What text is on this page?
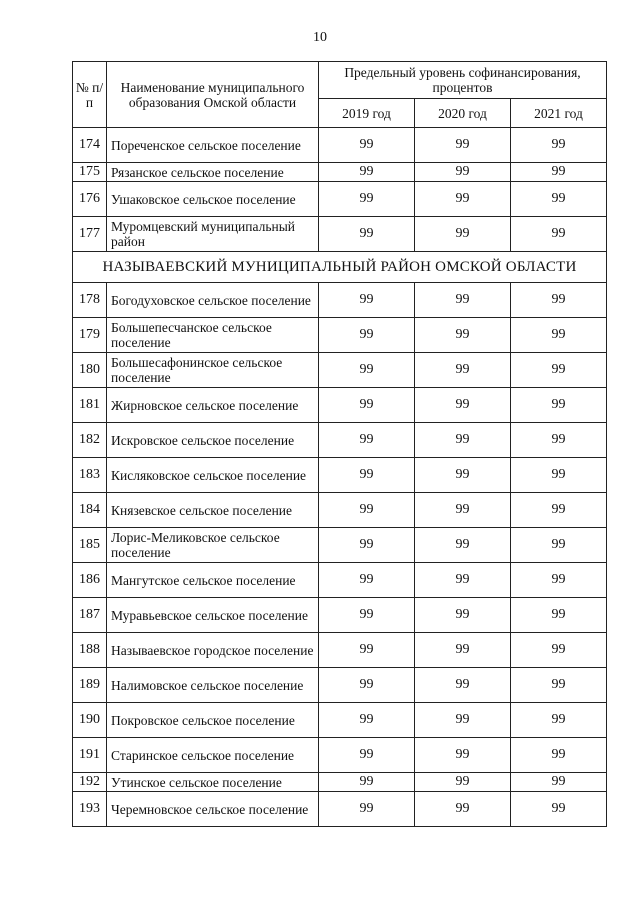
10
№ п/п	Наименование муниципального образования Омской области	Предельный уровень софинансирования, процентов		
		2019 год	2020 год	2021 год
174	Пореченское сельское поселение	99	99	99
175	Рязанское сельское поселение	99	99	99
176	Ушаковское сельское поселение	99	99	99
177	Муромцевский муниципальный район	99	99	99
НАЗЫВАЕВСКИЙ МУНИЦИПАЛЬНЫЙ РАЙОН ОМСКОЙ ОБЛАСТИ				
178	Богодуховское сельское поселение	99	99	99
179	Большепесчанское сельское поселение	99	99	99
180	Большесафонинское сельское поселение	99	99	99
181	Жирновское сельское поселение	99	99	99
182	Искровское сельское поселение	99	99	99
183	Кисляковское сельское поселение	99	99	99
184	Князевское сельское поселение	99	99	99
185	Лорис-Меликовское сельское поселение	99	99	99
186	Мангутское сельское поселение	99	99	99
187	Муравьевское сельское поселение	99	99	99
188	Называевское городское поселение	99	99	99
189	Налимовское сельское поселение	99	99	99
190	Покровское сельское поселение	99	99	99
191	Старинское сельское поселение	99	99	99
192	Утинское сельское поселение	99	99	99
193	Черемновское сельское поселение	99	99	99
